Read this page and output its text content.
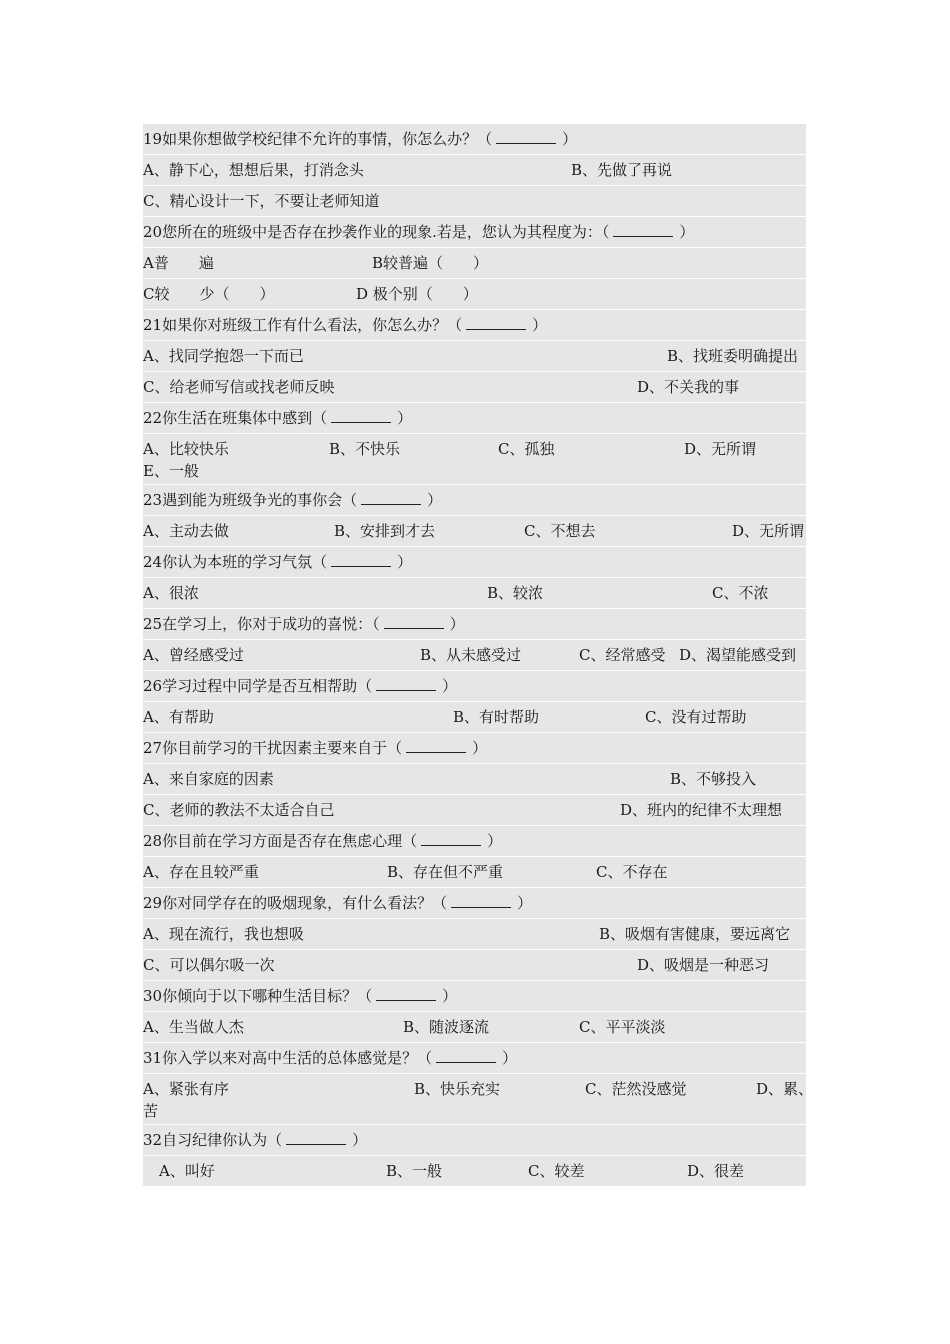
19如果你想做学校纪律不允许的事情，你怎么办？（	）
A、静下心，想想后果，打消念头	B、先做了再说
C、精心设计一下，不要让老师知道
20您所在的班级中是否存在抄袭作业的现象.若是，您认为其程度为：（	）
A普　　遍	B较普遍（　　）
C较　　少（　　）	D 极个别（　　）
21如果你对班级工作有什么看法，你怎么办？（	）
A、找同学抱怨一下而已	B、找班委明确提出
C、给老师写信或找老师反映	D、不关我的事
22你生活在班集体中感到（	）
A、比较快乐	B、不快乐	C、孤独	D、无所谓
E、一般
23遇到能为班级争光的事你会（	）
A、主动去做	B、安排到才去	C、不想去	D、无所谓
24你认为本班的学习气氛（	）
A、很浓	B、较浓	C、不浓
25在学习上，你对于成功的喜悦：（	）
A、曾经感受过	B、从未感受过	C、经常感受 D、渴望能感受到
26学习过程中同学是否互相帮助（	）
A、有帮助	B、有时帮助	C、没有过帮助
27你目前学习的干扰因素主要来自于（	）
A、来自家庭的因素	B、不够投入
C、老师的教法不太适合自己	D、班内的纪律不太理想
28你目前在学习方面是否存在焦虑心理（	）
A、存在且较严重	B、存在但不严重	C、不存在
29你对同学存在的吸烟现象，有什么看法？（	）
A、现在流行，我也想吸	B、吸烟有害健康，要远离它
C、可以偶尔吸一次	D、吸烟是一种恶习
30你倾向于以下哪种生活目标？（	）
A、生当做人杰	B、随波逐流	C、平平淡淡
31你入学以来对高中生活的总体感觉是？（	）
A、紧张有序	B、快乐充实	C、茫然没感觉	D、累、
苦
32自习纪律你认为（	）
A、叫好	B、一般	C、较差	D、很差
